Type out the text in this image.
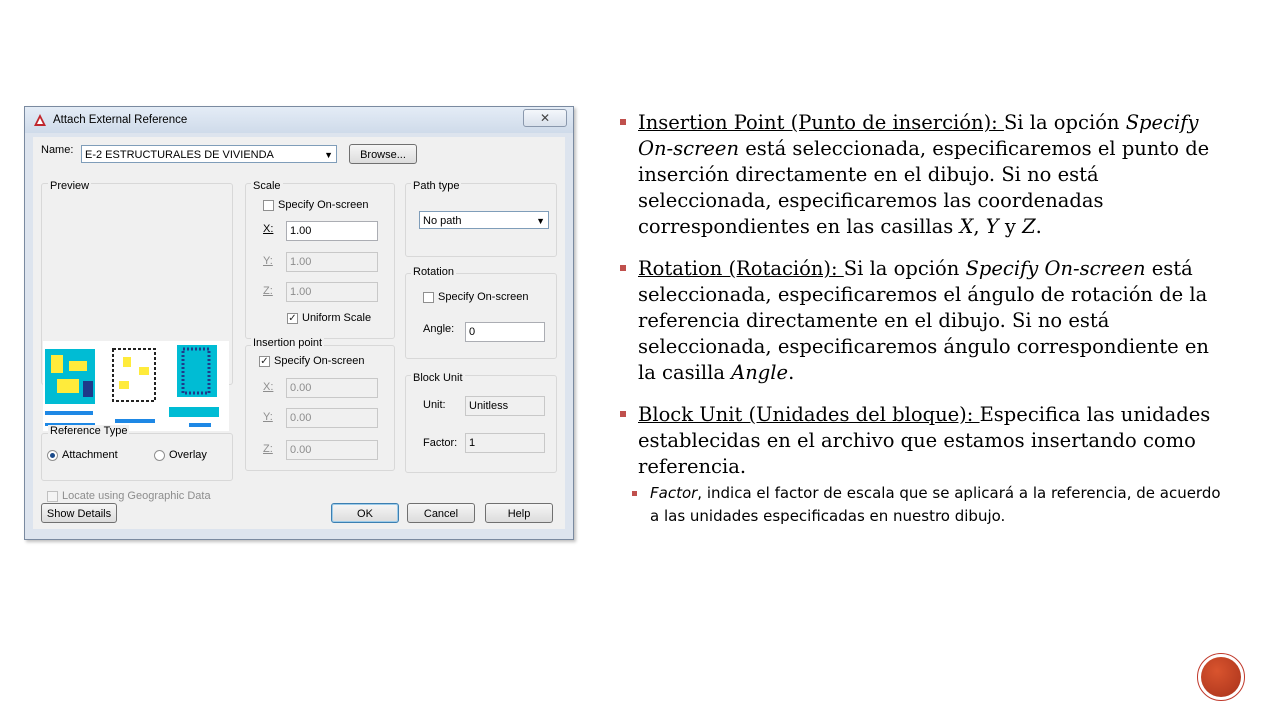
Attach External Reference	✕
Name:	E-2 ESTRUCTURALES DE VIVIENDA	▼	Browse...
Preview
Reference Type
Attachment	Overlay
Locate using Geographic Data
Scale
Specify On-screen
X:	1.00
Y:	1.00
Z:	1.00
✓ Uniform Scale
Insertion point
✓ Specify On-screen
X:	0.00
Y:	0.00
Z:	0.00
Path type
No path	▼
Rotation
Specify On-screen
Angle:	0
Block Unit
Unit:	Unitless
Factor:	1
Show Details	OK	Cancel	Help
Insertion Point (Punto de inserción): Si la opción Specify On-screen está seleccionada, especificaremos el punto de inserción directamente en el dibujo. Si no está seleccionada, especificaremos las coordenadas correspondientes en las casillas X, Y y Z.
Rotation (Rotación): Si la opción Specify On-screen está seleccionada, especificaremos el ángulo de rotación de la referencia directamente en el dibujo. Si no está seleccionada, especificaremos ángulo correspondiente en la casilla Angle.
Block Unit (Unidades del bloque): Especifica las unidades establecidas en el archivo que estamos insertando como referencia.
Factor, indica el factor de escala que se aplicará a la referencia, de acuerdo a las unidades especificadas en nuestro dibujo.
